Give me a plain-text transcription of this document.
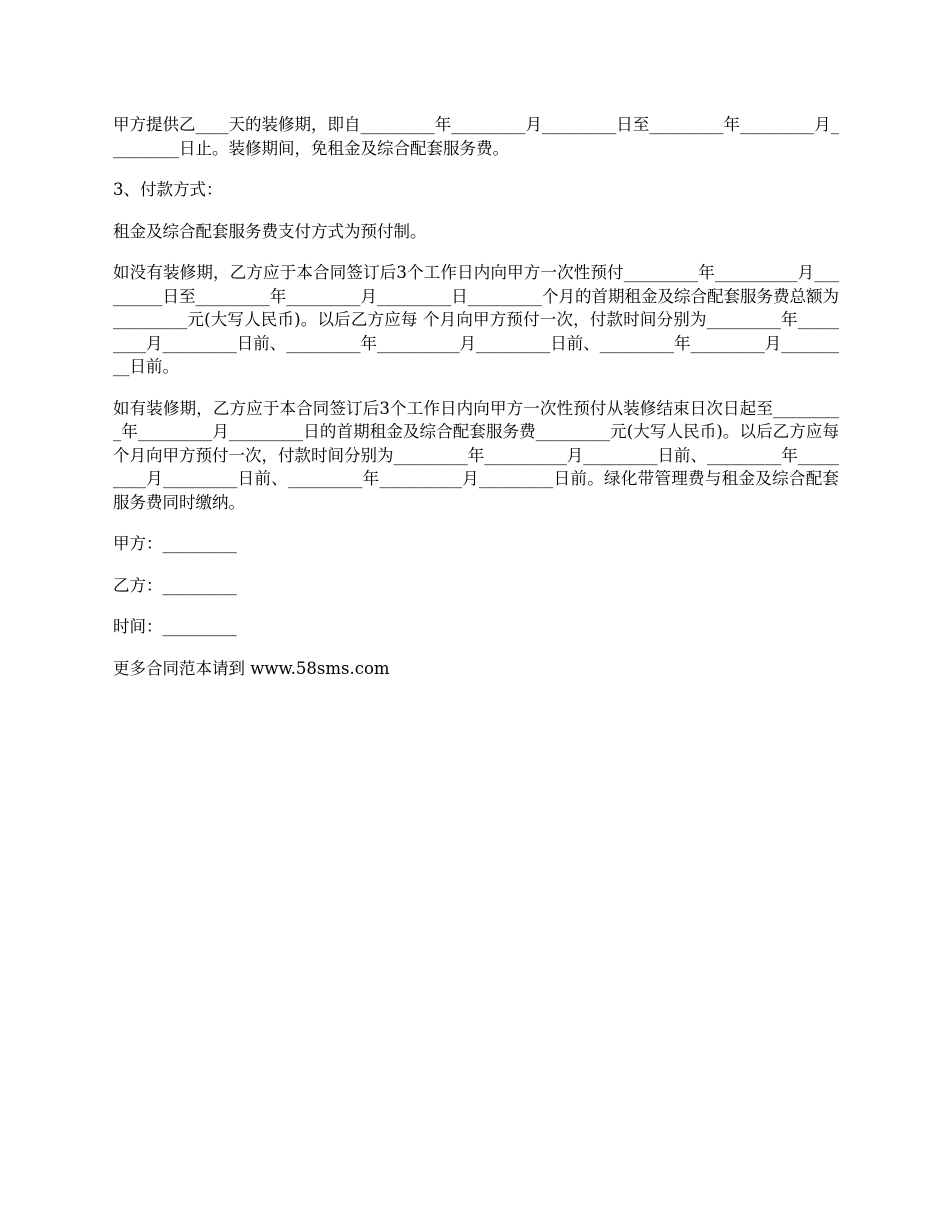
甲方提供乙____天的装修期，即自_________年_________月_________日至_________年_________月_________日止。装修期间，免租金及综合配套服务费。

3、付款方式：

租金及综合配套服务费支付方式为预付制。

如没有装修期，乙方应于本合同签订后3个工作日内向甲方一次性预付_________年__________月_________日至_________年_________月_________日_________个月的首期租金及综合配套服务费总额为_________元(大写人民币)。以后乙方应每 个月向甲方预付一次，付款时间分别为_________年_________月_________日前、_________年__________月_________日前、_________年_________月_________日前。

如有装修期，乙方应于本合同签订后3个工作日内向甲方一次性预付从装修结束日次日起至_________年_________月_________日的首期租金及综合配套服务费_________元(大写人民币)。以后乙方应每 个月向甲方预付一次，付款时间分别为_________年__________月_________日前、_________年_________月_________日前、_________年__________月_________日前。绿化带管理费与租金及综合配套服务费同时缴纳。

甲方：_________

乙方：_________

时间：_________

更多合同范本请到 www.58sms.com
